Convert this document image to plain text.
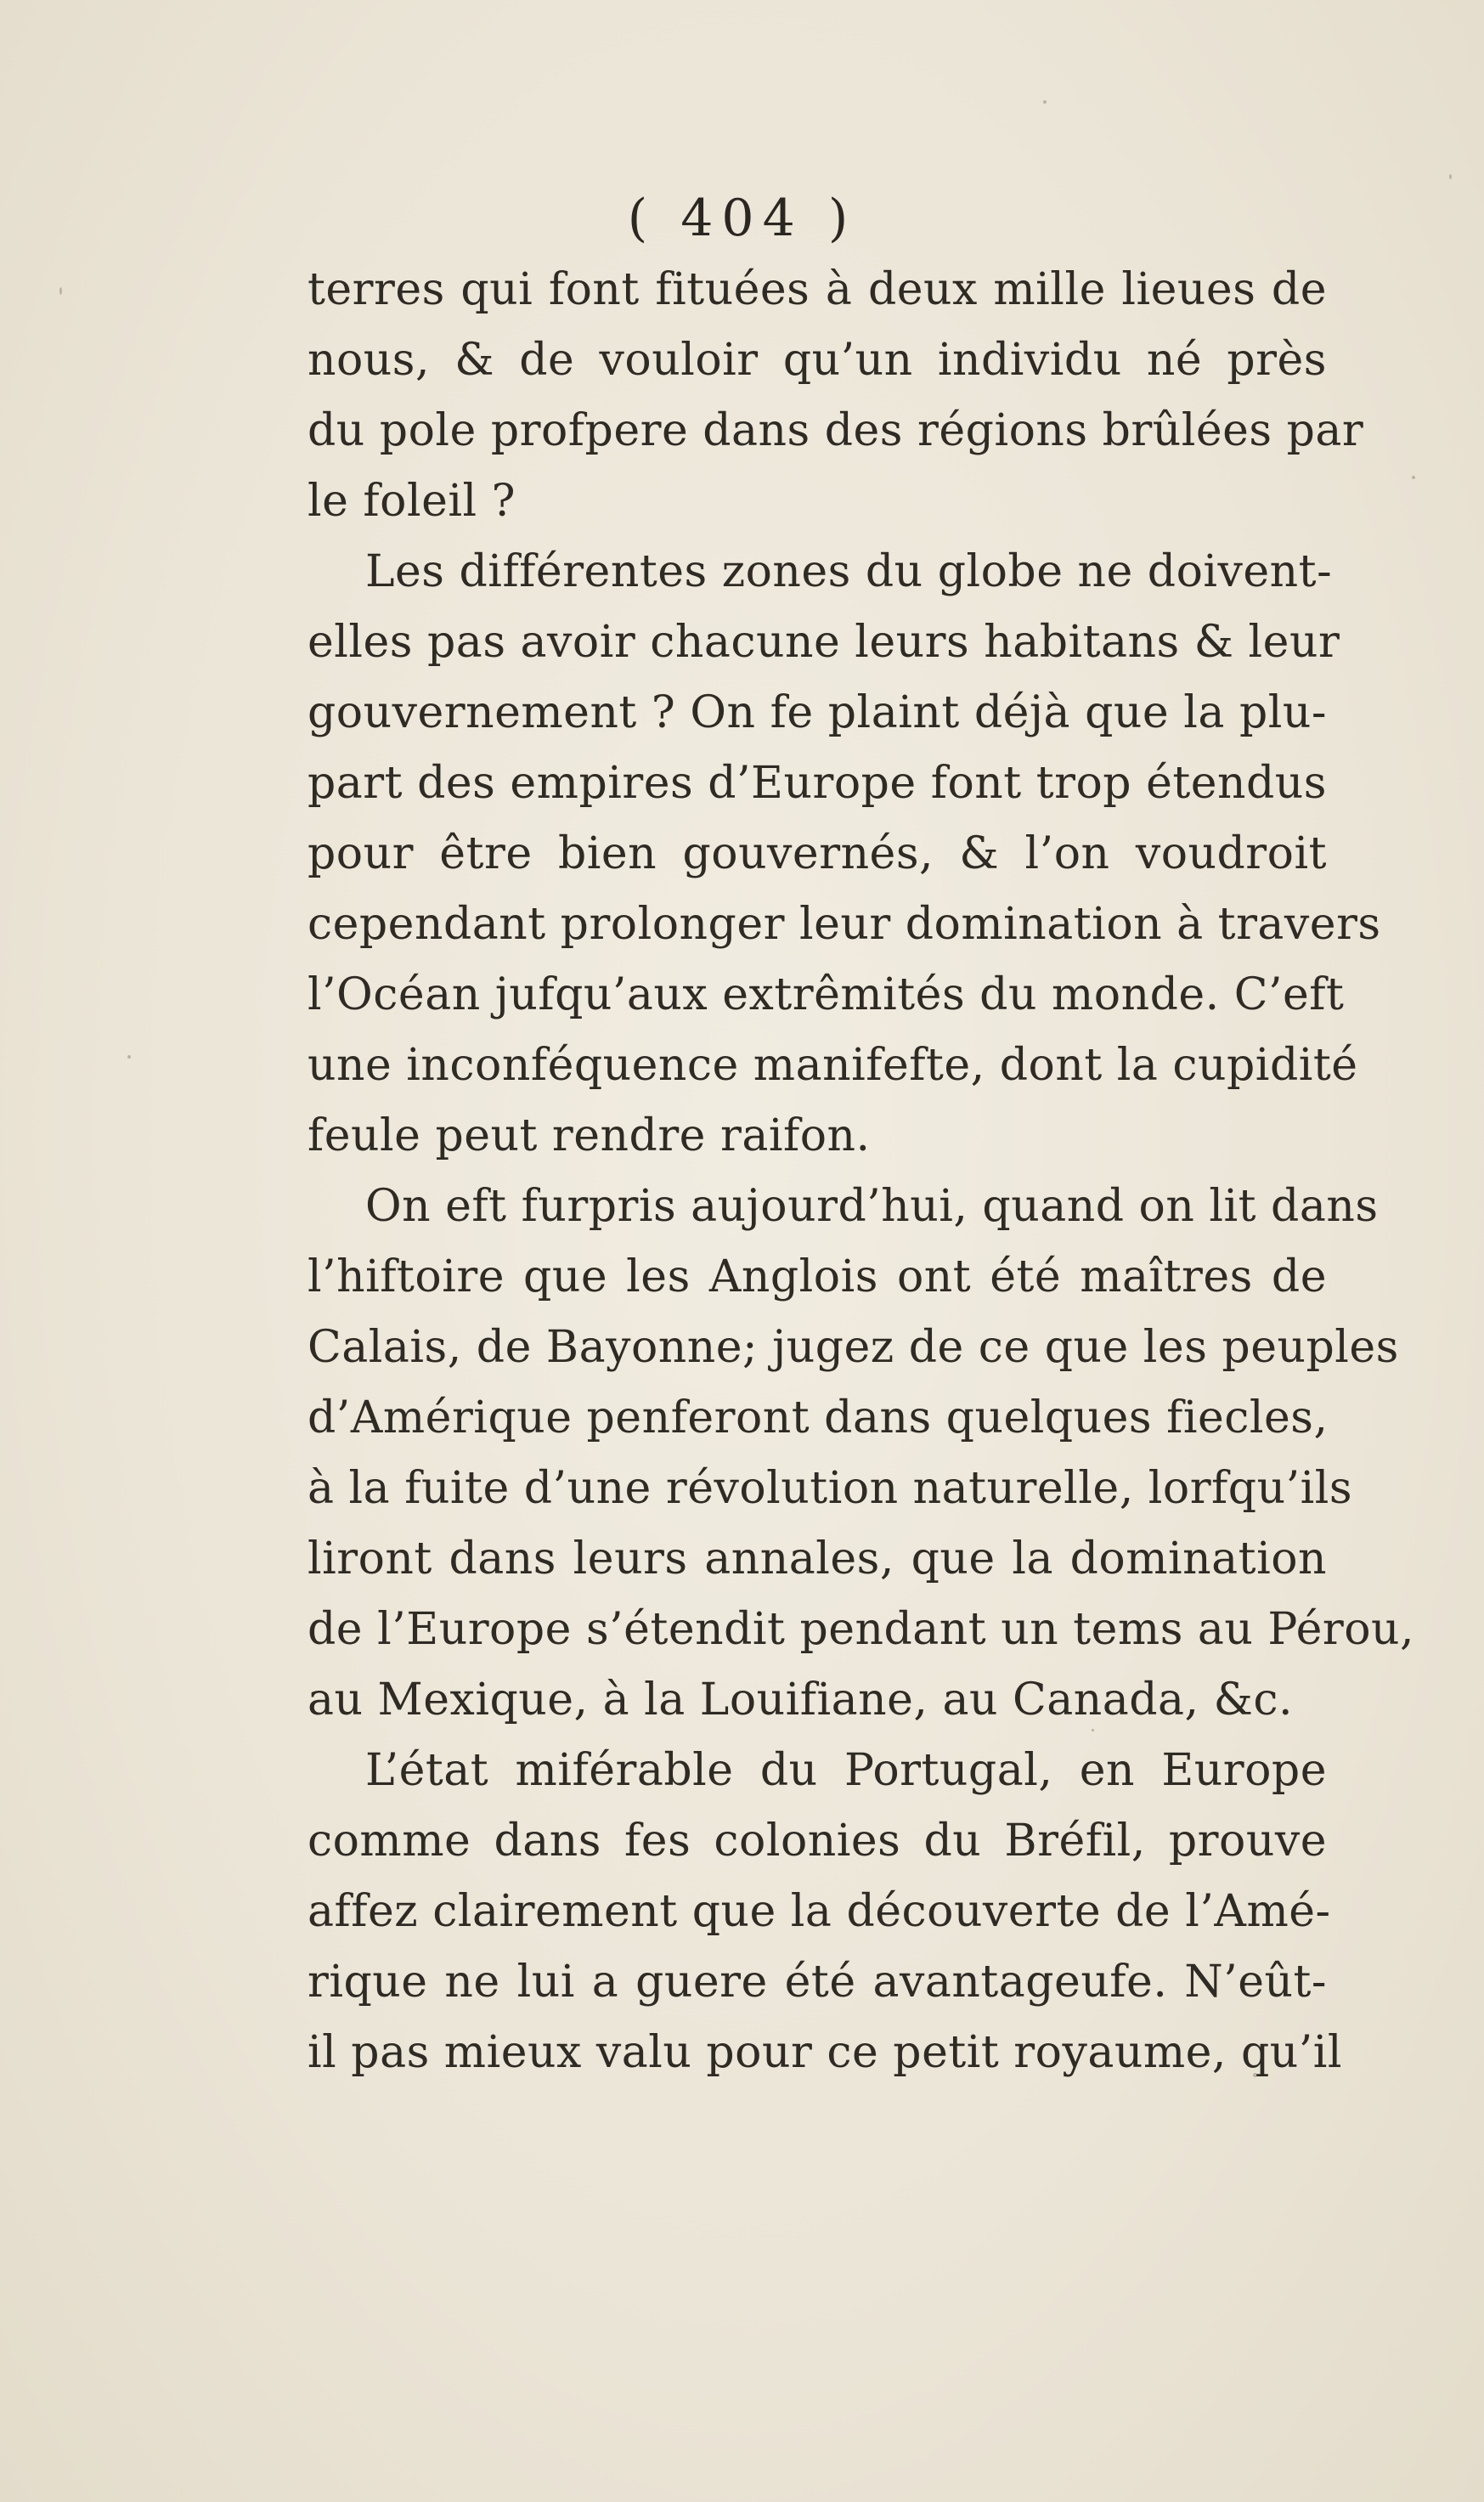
( 404 )
terres qui font fituées à deux mille lieues de
nous, & de vouloir qu’un individu né près
du pole profpere dans des régions brûlées par
le foleil ?
Les différentes zones du globe ne doivent-
elles pas avoir chacune leurs habitans & leur
gouvernement ? On fe plaint déjà que la plu-
part des empires d’Europe font trop étendus
pour être bien gouvernés, & l’on voudroit
cependant prolonger leur domination à travers
l’Océan jufqu’aux extrêmités du monde. C’eft
une inconféquence manifefte, dont la cupidité
feule peut rendre raifon.
On eft furpris aujourd’hui, quand on lit dans
l’hiftoire que les Anglois ont été maîtres de
Calais, de Bayonne; jugez de ce que les peuples
d’Amérique penferont dans quelques fiecles,
à la fuite d’une révolution naturelle, lorfqu’ils
liront dans leurs annales, que la domination
de l’Europe s’étendit pendant un tems au Pérou,
au Mexique, à la Louifiane, au Canada, &c.
L’état miférable du Portugal, en Europe
comme dans fes colonies du Bréfil, prouve
affez clairement que la découverte de l’Amé-
rique ne lui a guere été avantageufe. N’eût-
il pas mieux valu pour ce petit royaume, qu’il
